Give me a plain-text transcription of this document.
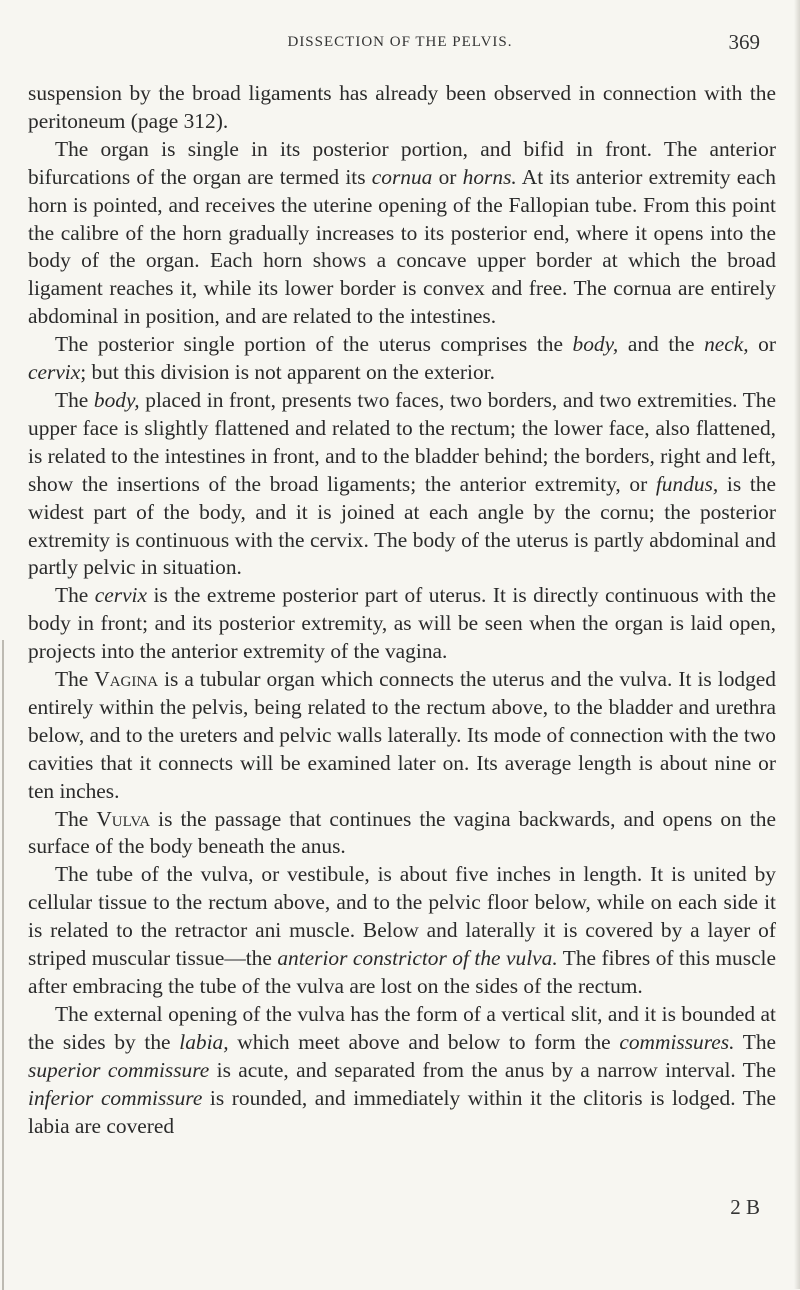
DISSECTION OF THE PELVIS.	369

suspension by the broad ligaments has already been observed in connection with the peritoneum (page 312).

The organ is single in its posterior portion, and bifid in front. The anterior bifurcations of the organ are termed its cornua or horns. At its anterior extremity each horn is pointed, and receives the uterine opening of the Fallopian tube. From this point the calibre of the horn gradually increases to its posterior end, where it opens into the body of the organ. Each horn shows a concave upper border at which the broad ligament reaches it, while its lower border is convex and free. The cornua are entirely abdominal in position, and are related to the intestines.

The posterior single portion of the uterus comprises the body, and the neck, or cervix; but this division is not apparent on the exterior.

The body, placed in front, presents two faces, two borders, and two extremities. The upper face is slightly flattened and related to the rectum; the lower face, also flattened, is related to the intestines in front, and to the bladder behind; the borders, right and left, show the insertions of the broad ligaments; the anterior extremity, or fundus, is the widest part of the body, and it is joined at each angle by the cornu; the posterior extremity is continuous with the cervix. The body of the uterus is partly abdominal and partly pelvic in situation.

The cervix is the extreme posterior part of uterus. It is directly continuous with the body in front; and its posterior extremity, as will be seen when the organ is laid open, projects into the anterior extremity of the vagina.

The Vagina is a tubular organ which connects the uterus and the vulva. It is lodged entirely within the pelvis, being related to the rectum above, to the bladder and urethra below, and to the ureters and pelvic walls laterally. Its mode of connection with the two cavities that it connects will be examined later on. Its average length is about nine or ten inches.

The Vulva is the passage that continues the vagina backwards, and opens on the surface of the body beneath the anus.

The tube of the vulva, or vestibule, is about five inches in length. It is united by cellular tissue to the rectum above, and to the pelvic floor below, while on each side it is related to the retractor ani muscle. Below and laterally it is covered by a layer of striped muscular tissue—the anterior constrictor of the vulva. The fibres of this muscle after embracing the tube of the vulva are lost on the sides of the rectum.

The external opening of the vulva has the form of a vertical slit, and it is bounded at the sides by the labia, which meet above and below to form the commissures. The superior commissure is acute, and separated from the anus by a narrow interval. The inferior commissure is rounded, and immediately within it the clitoris is lodged. The labia are covered

2 B
